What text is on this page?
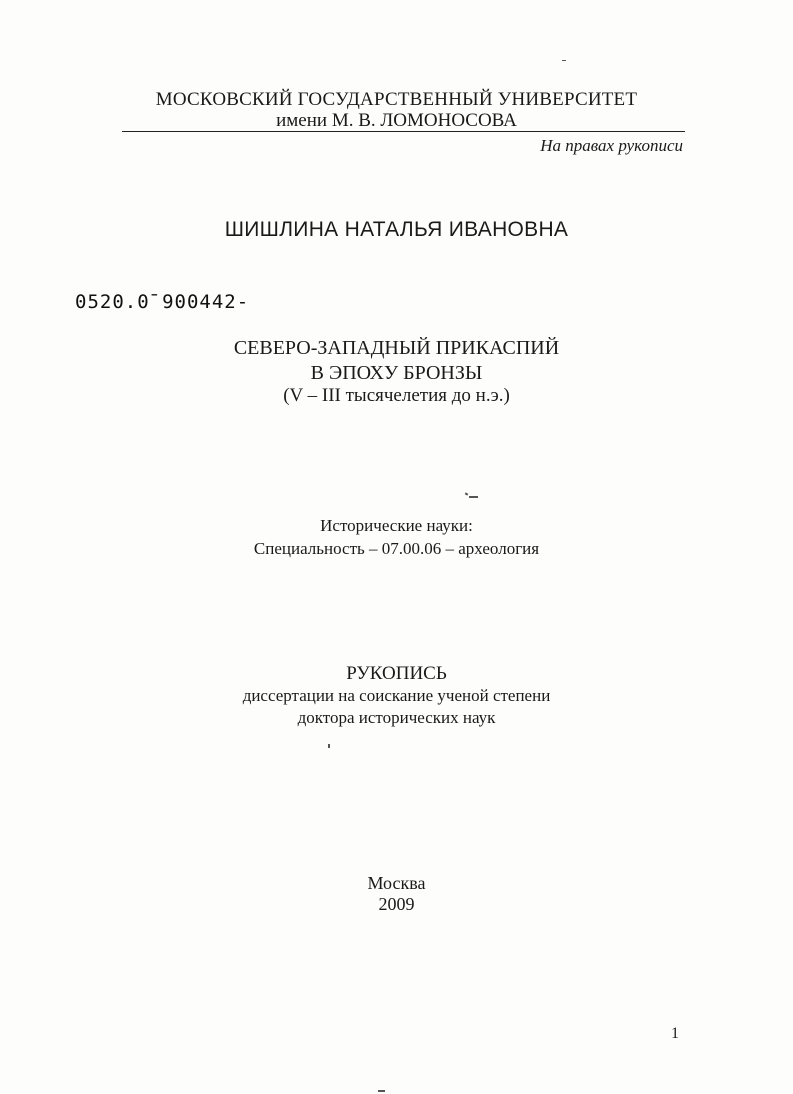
МОСКОВСКИЙ ГОСУДАРСТВЕННЫЙ УНИВЕРСИТЕТ
имени М. В. ЛОМОНОСОВА
На правах рукописи
ШИШЛИНА НАТАЛЬЯ ИВАНОВНА
0520.0̄ 900442-
СЕВЕРО-ЗАПАДНЫЙ ПРИКАСПИЙ
В ЭПОХУ БРОНЗЫ
(V – III тысячелетия до н.э.)
Исторические науки:
Специальность – 07.00.06 – археология
РУКОПИСЬ
диссертации на соискание ученой степени
доктора исторических наук
Москва
2009
1
